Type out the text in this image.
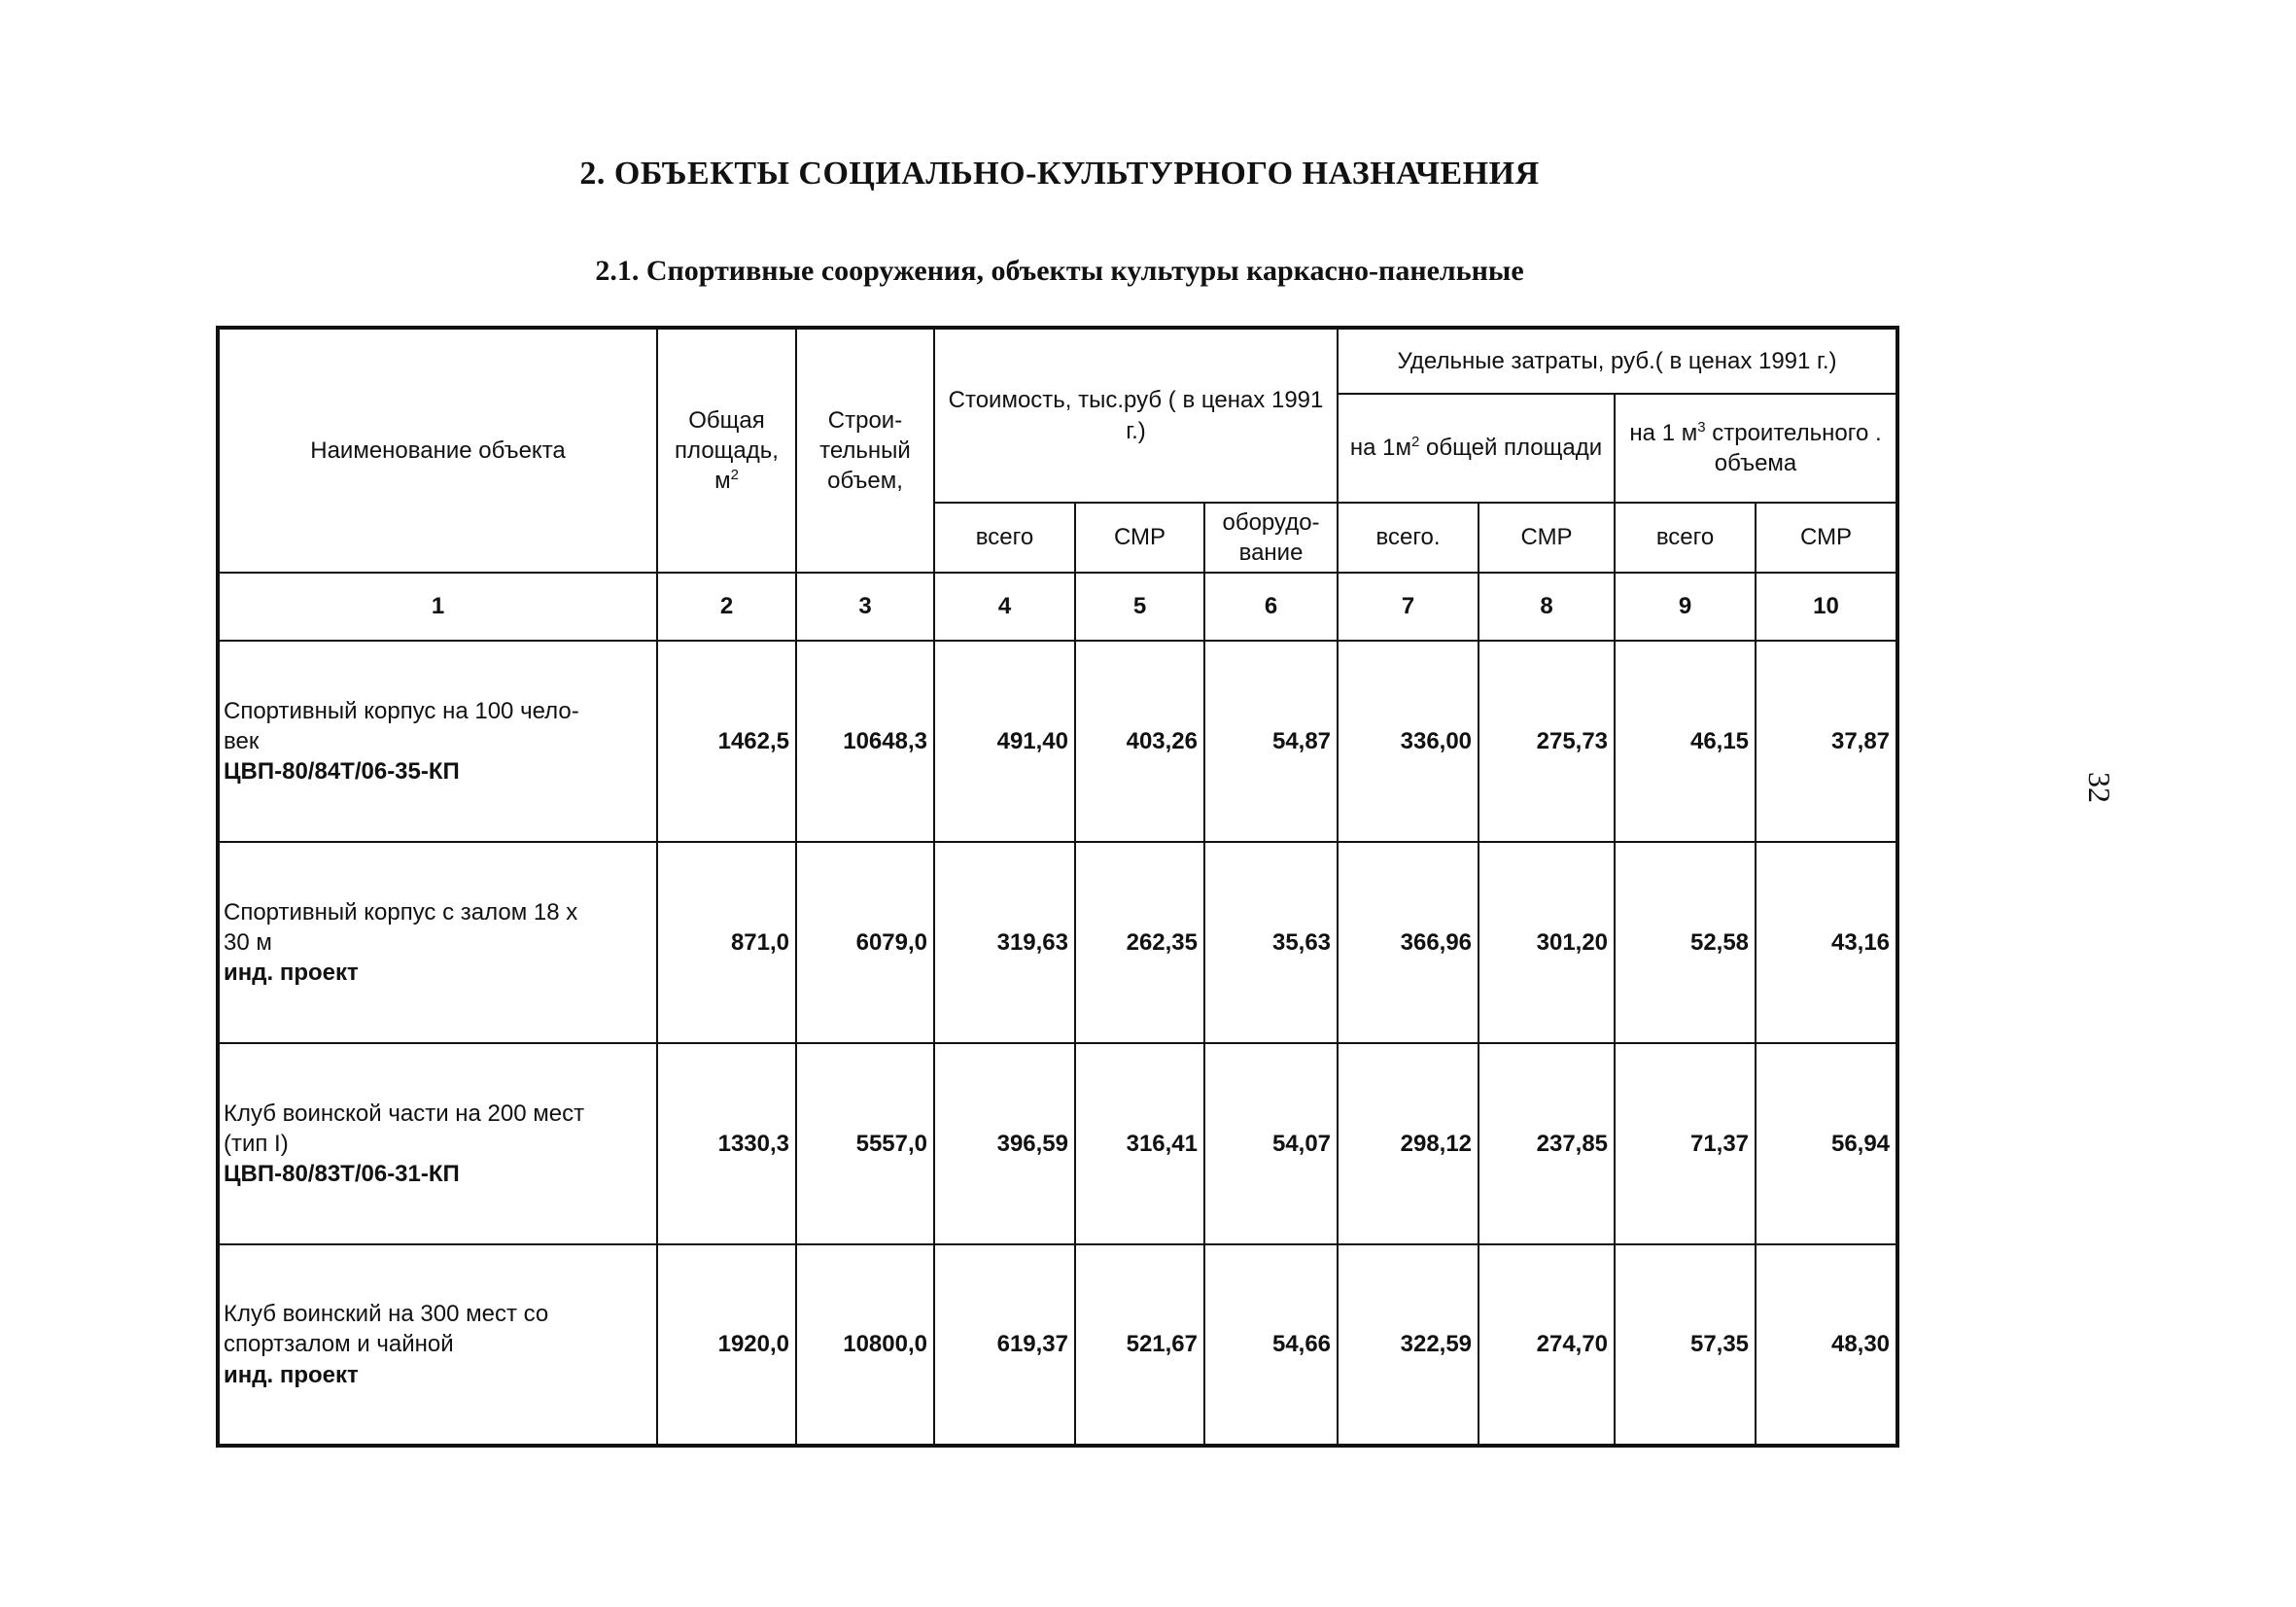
2. ОБЪЕКТЫ СОЦИАЛЬНО-КУЛЬТУРНОГО НАЗНАЧЕНИЯ
2.1. Спортивные сооружения, объекты культуры каркасно-панельные
32
Наименование объекта	Общая площадь, $м^2$	Строи-тельный объем,	Стоимость, тыс.руб ( в ценах 1991 г.)			Удельные затраты, руб.( в ценах 1991 г.)			
						на $1м^2$ общей площади		на 1 $м^3$ строительного . объема	
			всего	СМР	оборудо-вание	всего.	СМР	всего	СМР
1	2	3	4	5	6	7	8	9	10

Спортивный корпус на 100 чело-
век
ЦВП-80/84Т/06-35-КП	1462,5	10648,3	491,40	403,26	54,87	336,00	275,73	46,15	37,87

Спортивный корпус с залом 18 х
30 м
инд. проект	871,0	6079,0	319,63	262,35	35,63	366,96	301,20	52,58	43,16

Клуб воинской части на 200 мест
(тип I)
ЦВП-80/83Т/06-31-КП	1330,3	5557,0	396,59	316,41	54,07	298,12	237,85	71,37	56,94

Клуб воинский на 300 мест со
спортзалом и чайной
инд. проект	1920,0	10800,0	619,37	521,67	54,66	322,59	274,70	57,35	48,30
